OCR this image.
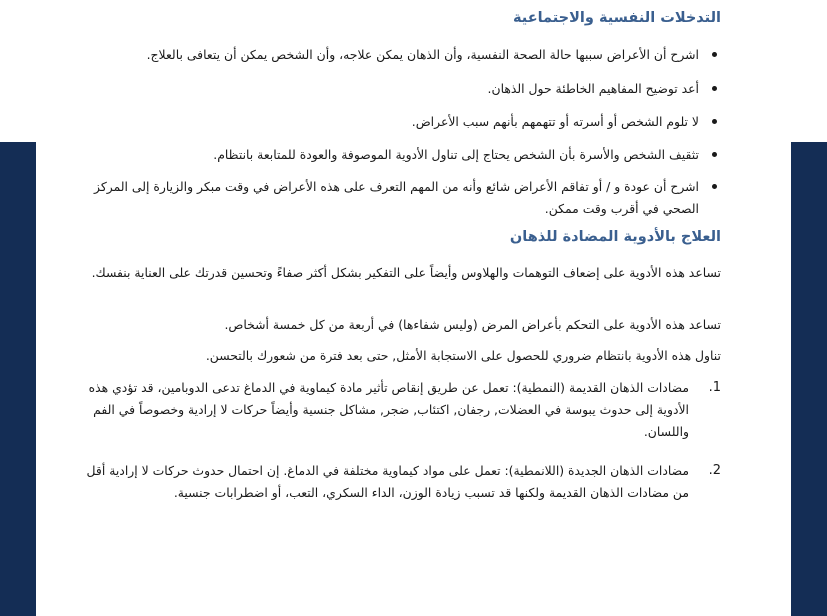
التدخلات النفسية والاجتماعية
اشرح أن الأعراض سببها حالة الصحة النفسية، وأن الذهان يمكن علاجه، وأن الشخص يمكن أن يتعافى بالعلاج.
أعد توضيح المفاهيم الخاطئة حول الذهان.
لا تلوم الشخص أو أسرته أو تتهمهم بأنهم سبب الأعراض.
تثقيف الشخص والأسرة بأن الشخص يحتاج إلى تناول الأدوية الموصوفة والعودة للمتابعة بانتظام.
اشرح أن عودة و / أو تفاقم الأعراض شائع وأنه من المهم التعرف على هذه الأعراض في وقت مبكر والزيارة إلى المركز الصحي في أقرب وقت ممكن.
العلاج بالأدوية المضادة للذهان

تساعد هذه الأدوية على إضعاف التوهمات والهلاوس وأيضاً على التفكير بشكل أكثر صفاءً وتحسين قدرتك على العناية بنفسك.

تساعد هذه الأدوية على التحكم بأعراض المرض (وليس شفاءها) في أربعة من كل خمسة أشخاص.

تناول هذه الأدوية بانتظام ضروري للحصول على الاستجابة الأمثل, حتى بعد فترة من شعورك بالتحسن.

1.
مضادات الذهان القديمة (النمطية): تعمل عن طريق إنقاص تأثير مادة كيماوية في الدماغ تدعى الدوبامين، قد تؤدي هذه الأدوية إلى حدوث يبوسة في العضلات, رجفان, اكتئاب, ضجر, مشاكل جنسية وأيضاً حركات لا إرادية وخصوصاً في الفم واللسان.
2.
مضادات الذهان الجديدة (اللانمطية): تعمل على مواد كيماوية مختلفة في الدماغ. إن احتمال حدوث حركات لا إرادية أقل من مضادات الذهان القديمة ولكنها قد تسبب زيادة الوزن، الداء السكري، التعب، أو اضطرابات جنسية.
